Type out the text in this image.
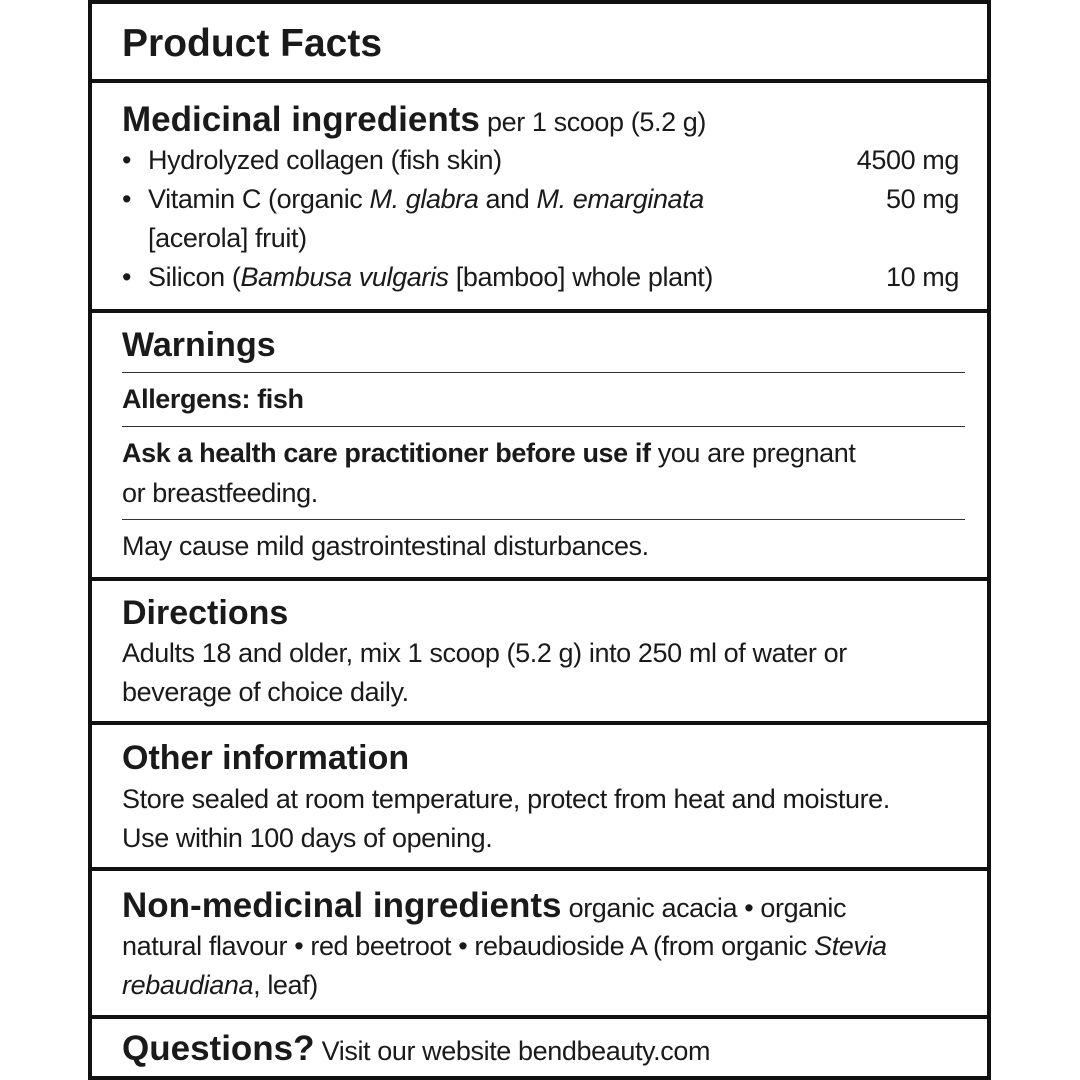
Product Facts
Medicinal ingredients per 1 scoop (5.2 g)
• Hydrolyzed collagen (fish skin)	4500 mg
• Vitamin C (organic M. glabra and M. emarginata	50 mg
[acerola] fruit)
• Silicon (Bambusa vulgaris [bamboo] whole plant)	10 mg
Warnings
Allergens: fish
Ask a health care practitioner before use if you are pregnant
or breastfeeding.
May cause mild gastrointestinal disturbances.
Directions
Adults 18 and older, mix 1 scoop (5.2 g) into 250 ml of water or
beverage of choice daily.
Other information
Store sealed at room temperature, protect from heat and moisture.
Use within 100 days of opening.
Non-medicinal ingredients organic acacia • organic
natural flavour • red beetroot • rebaudioside A (from organic Stevia
rebaudiana, leaf)
Questions? Visit our website bendbeauty.com
